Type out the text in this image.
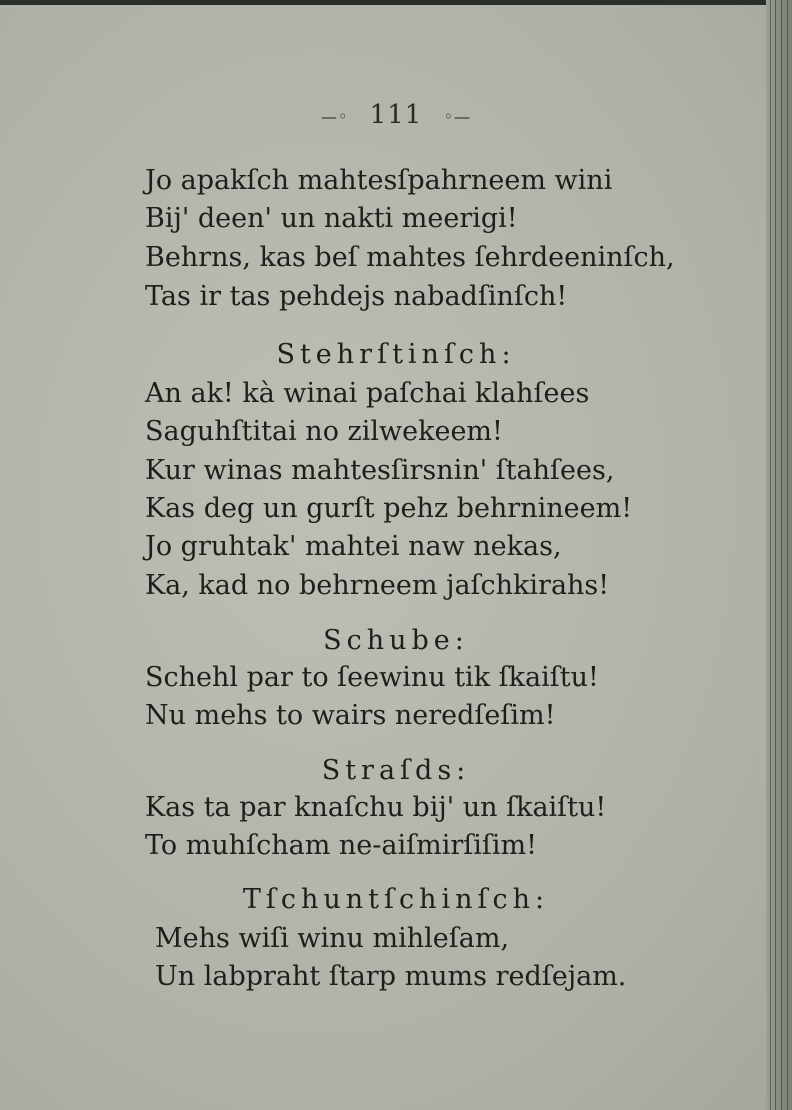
—◦ 111 ◦—
Jo apakſch mahtesſpahrneem wini
Bij' deen' un nakti meerigi!
Behrns, kas beſ mahtes ſehrdeeninſch,
Tas ir tas pehdejs nabadſinſch!
Stehrſtinſch:
An ak! kà winai paſchai klahſees
Saguhſtitai no zilwekeem!
Kur winas mahtesſirsnin' ſtahſees,
Kas deg un gurſt pehz behrnineem!
Jo gruhtak' mahtei naw nekas,
Ka, kad no behrneem jaſchkirahs!
Schube:
Schehl par to ſeewinu tik ſkaiſtu!
Nu mehs to wairs neredſeſim!
Straſds:
Kas ta par knaſchu bij' un ſkaiſtu!
To muhſcham ne-aiſmirſiſim!
Tſchuntſchinſch:
Mehs wiſi winu mihleſam,
Un labpraht ſtarp mums redſejam.
